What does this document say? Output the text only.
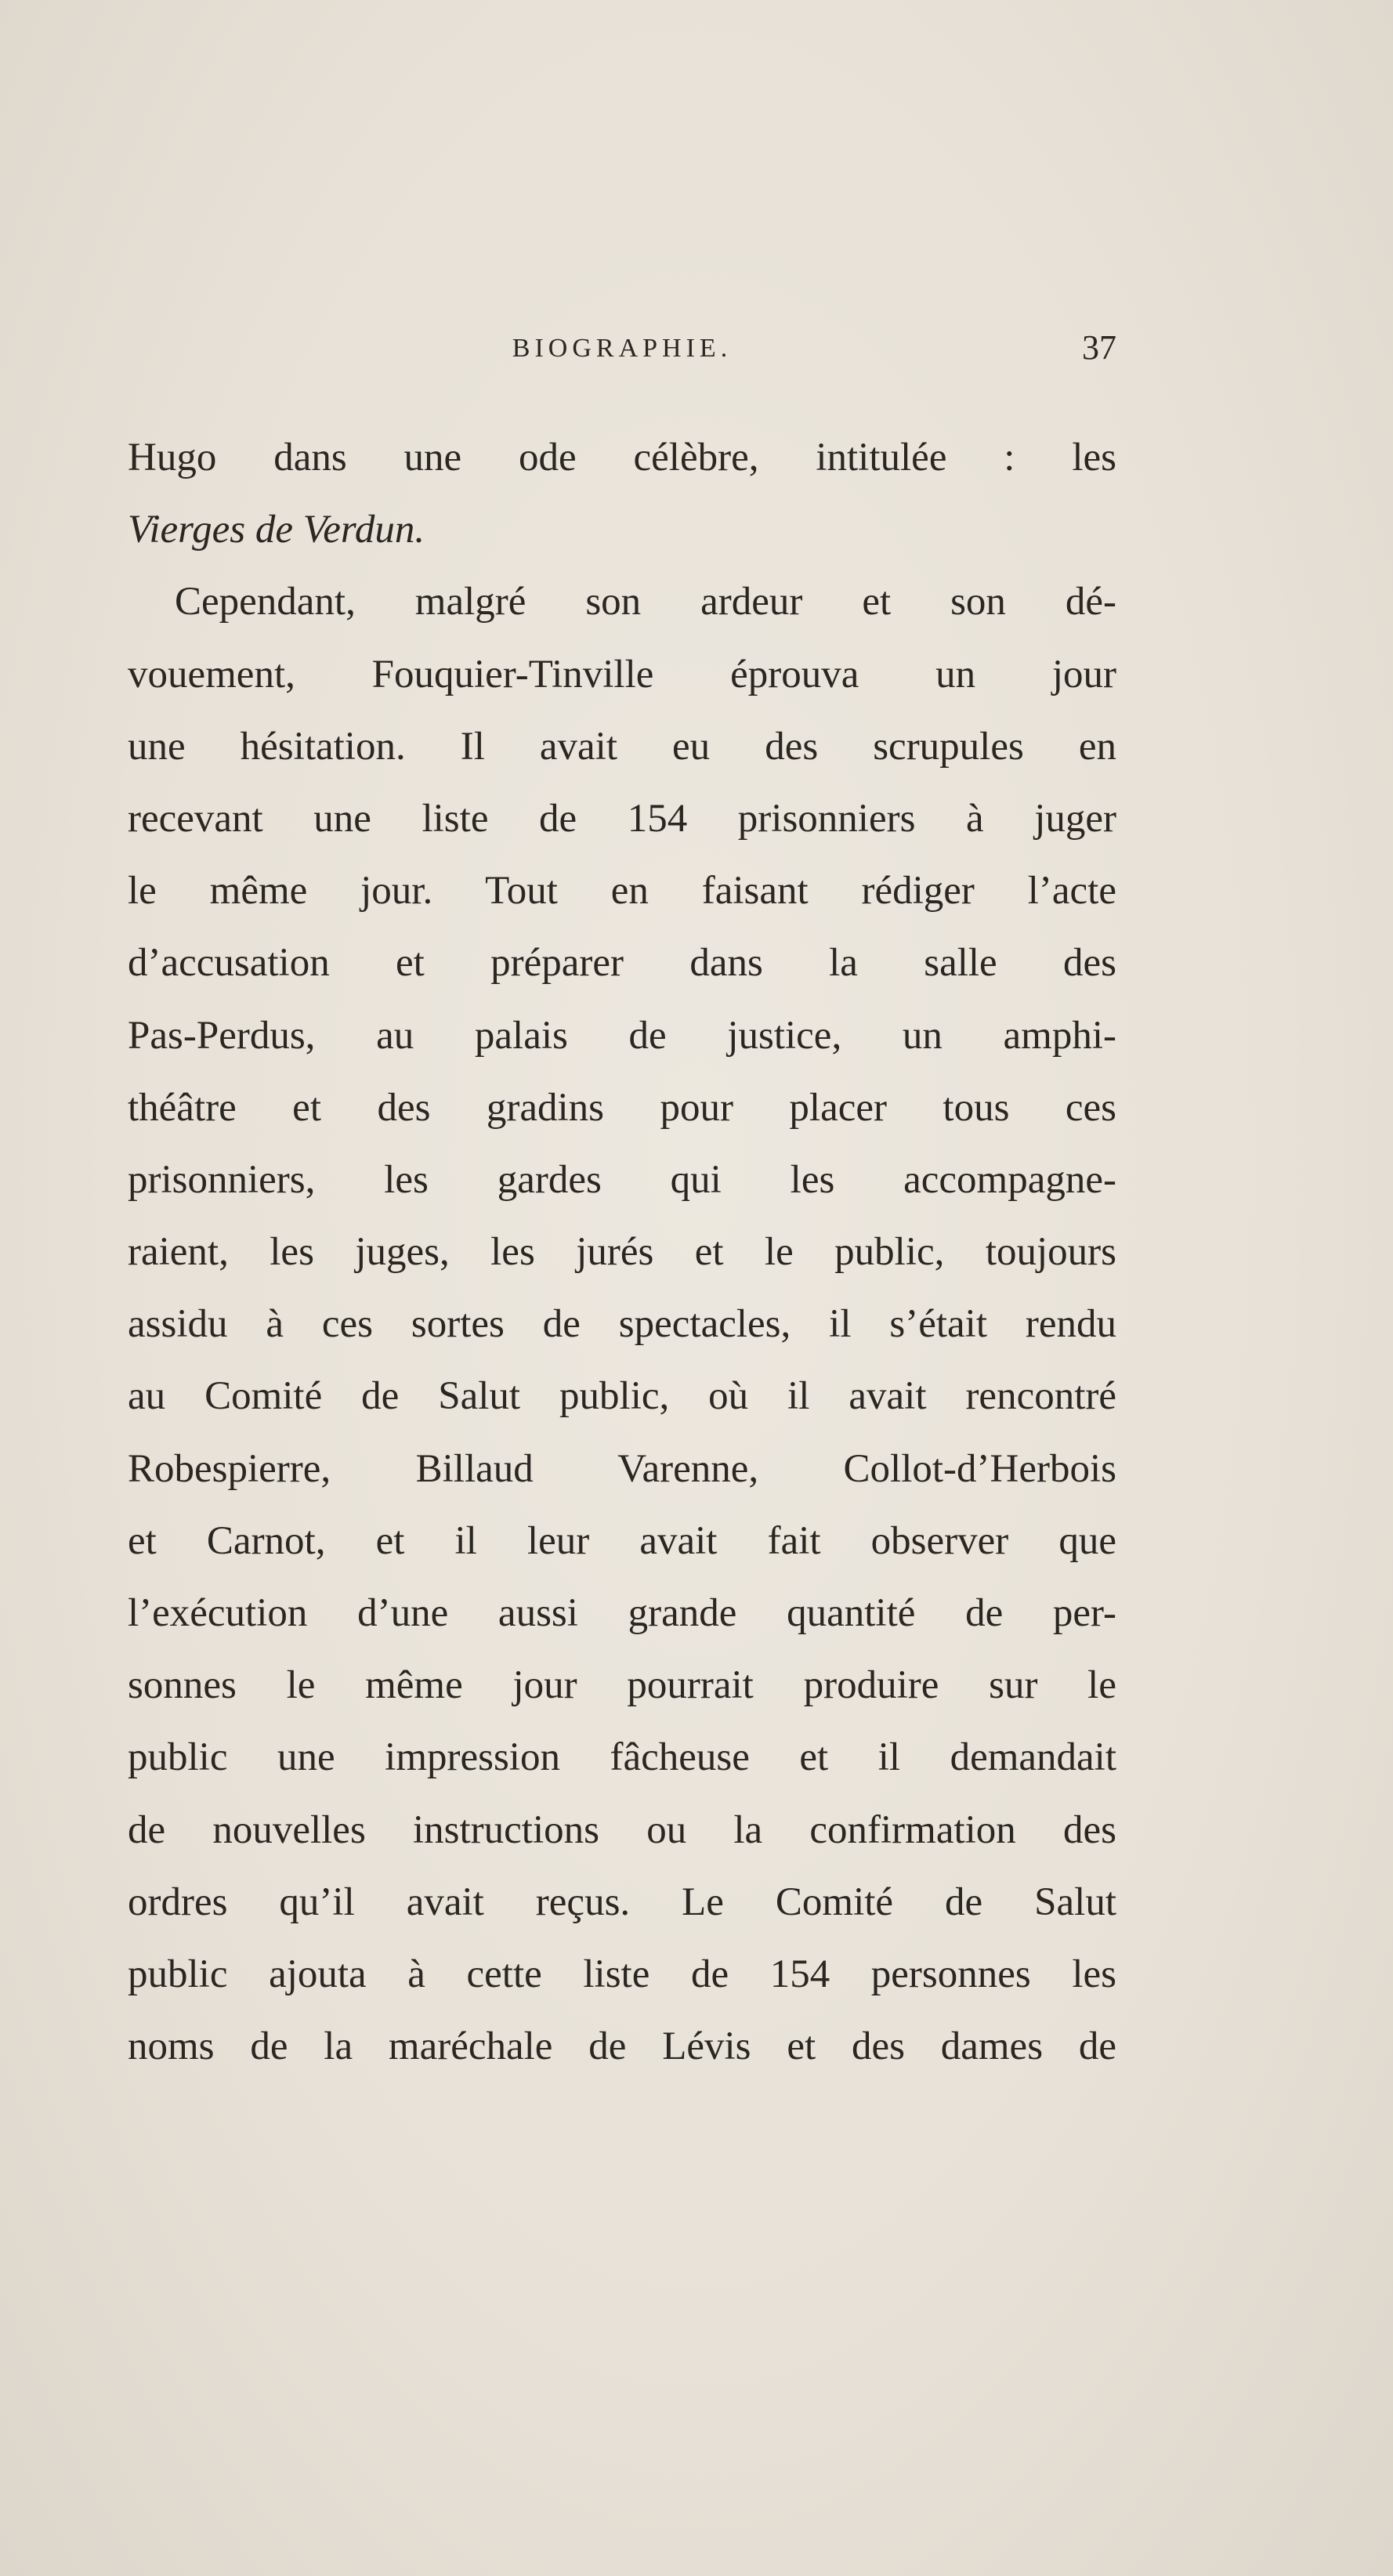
BIOGRAPHIE.	37
Hugo dans une ode célèbre, intitulée : les
Vierges de Verdun.
Cependant, malgré son ardeur et son dé-
vouement, Fouquier-Tinville éprouva un jour
une hésitation. Il avait eu des scrupules en
recevant une liste de 154 prisonniers à juger
le même jour. Tout en faisant rédiger l’acte
d’accusation et préparer dans la salle des
Pas-Perdus, au palais de justice, un amphi-
théâtre et des gradins pour placer tous ces
prisonniers, les gardes qui les accompagne-
raient, les juges, les jurés et le public, toujours
assidu à ces sortes de spectacles, il s’était rendu
au Comité de Salut public, où il avait rencontré
Robespierre, Billaud Varenne, Collot-d’Herbois
et Carnot, et il leur avait fait observer que
l’exécution d’une aussi grande quantité de per-
sonnes le même jour pourrait produire sur le
public une impression fâcheuse et il demandait
de nouvelles instructions ou la confirmation des
ordres qu’il avait reçus. Le Comité de Salut
public ajouta à cette liste de 154 personnes les
noms de la maréchale de Lévis et des dames de
